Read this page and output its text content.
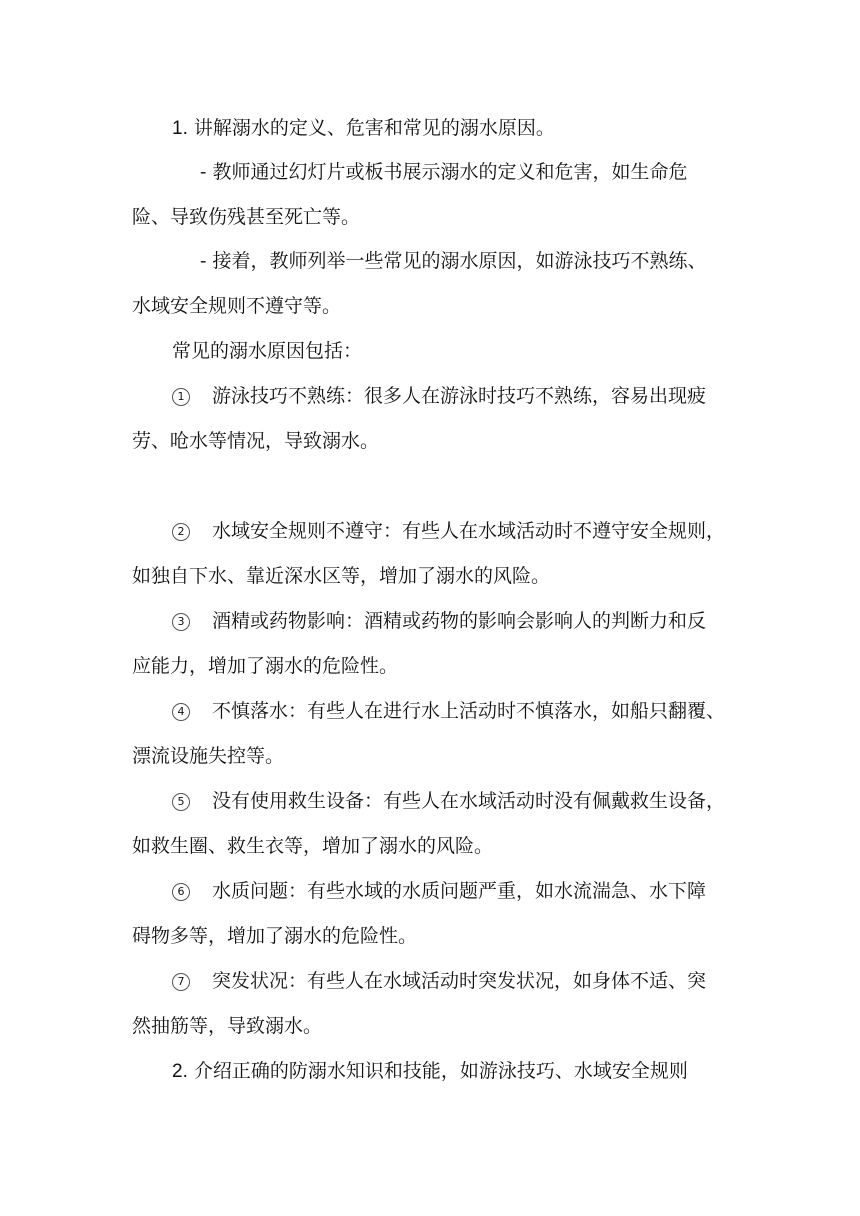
1. 讲解溺水的定义、危害和常见的溺水原因。
- 教师通过幻灯片或板书展示溺水的定义和危害，如生命危
险、导致伤残甚至死亡等。
- 接着，教师列举一些常见的溺水原因，如游泳技巧不熟练、
水域安全规则不遵守等。
常见的溺水原因包括：
1 游泳技巧不熟练：很多人在游泳时技巧不熟练，容易出现疲
劳、呛水等情况，导致溺水。
2 水域安全规则不遵守：有些人在水域活动时不遵守安全规则，
如独自下水、靠近深水区等，增加了溺水的风险。
3 酒精或药物影响：酒精或药物的影响会影响人的判断力和反
应能力，增加了溺水的危险性。
4 不慎落水：有些人在进行水上活动时不慎落水，如船只翻覆、
漂流设施失控等。
5 没有使用救生设备：有些人在水域活动时没有佩戴救生设备，
如救生圈、救生衣等，增加了溺水的风险。
6 水质问题：有些水域的水质问题严重，如水流湍急、水下障
碍物多等，增加了溺水的危险性。
7 突发状况：有些人在水域活动时突发状况，如身体不适、突
然抽筋等，导致溺水。
2. 介绍正确的防溺水知识和技能，如游泳技巧、水域安全规则
